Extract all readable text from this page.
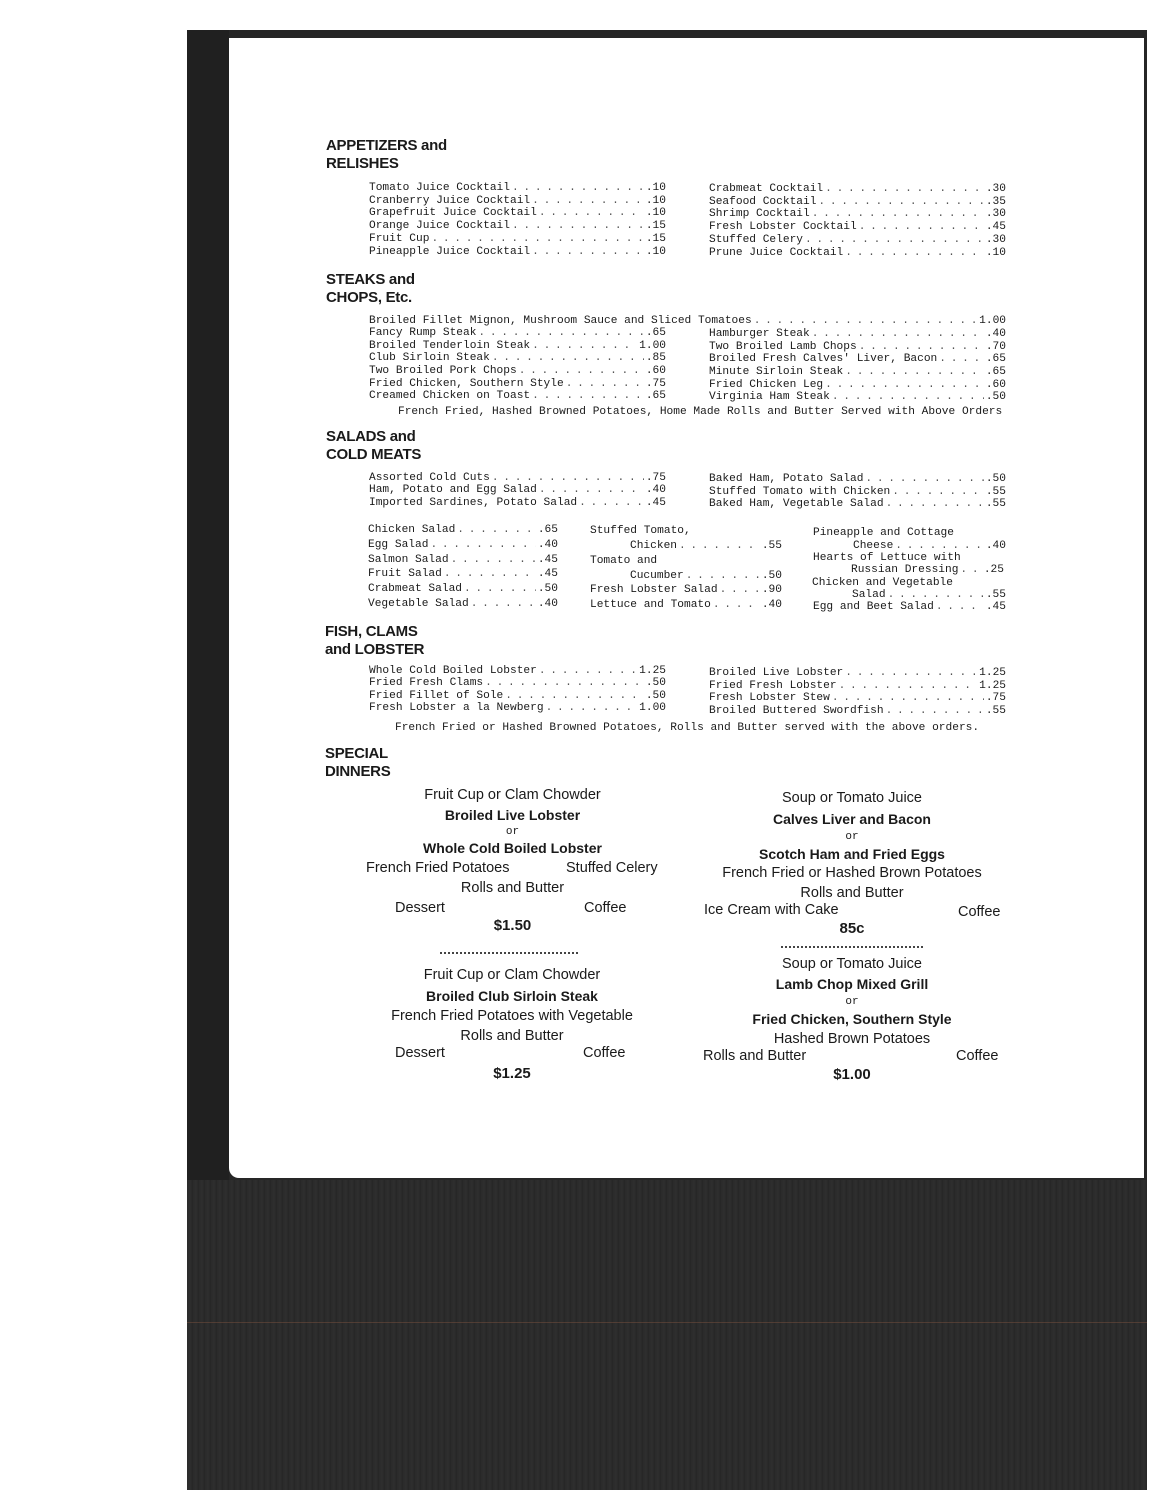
APPETIZERS and
RELISHES
STEAKS and
CHOPS, Etc.
SALADS and
COLD MEATS
FISH, CLAMS
and LOBSTER
SPECIAL
DINNERS
Tomato Juice Cocktail . . .	.10
Cranberry Juice Cocktail . . .	.10
Grapefruit Juice Cocktail . . .	.10
Orange Juice Cocktail . . .	.15
Fruit Cup . . .	.15
Pineapple Juice Cocktail . . .	.10
Crabmeat Cocktail . . .	.30
Seafood Cocktail . . .	.35
Shrimp Cocktail . . .	.30
Fresh Lobster Cocktail . . .	.45
Stuffed Celery . . .	.30
Prune Juice Cocktail . . .	.10
Broiled Fillet Mignon, Mushroom Sauce and Sliced Tomatoes . . .	1.00
Fancy Rump Steak . . .	.65
Broiled Tenderloin Steak . . .	1.00
Club Sirloin Steak . . .	.85
Two Broiled Pork Chops . . .	.60
Fried Chicken, Southern Style . . .	.75
Creamed Chicken on Toast . . .	.65
Hamburger Steak . . .	.40
Two Broiled Lamb Chops . . .	.70
Broiled Fresh Calves' Liver, Bacon . . .	.65
Minute Sirloin Steak . . .	.65
Fried Chicken Leg . . .	.60
Virginia Ham Steak . . .	.50
French Fried, Hashed Browned Potatoes, Home Made Rolls and Butter Served with Above Orders
Assorted Cold Cuts . . .	.75
Ham, Potato and Egg Salad . . .	.40
Imported Sardines, Potato Salad . . .	.45
Baked Ham, Potato Salad . . .	.50
Stuffed Tomato with Chicken . . .	.55
Baked Ham, Vegetable Salad . . .	.55
Chicken Salad . . .	.65
Egg Salad . . .	.40
Salmon Salad . . .	.45
Fruit Salad . . .	.45
Crabmeat Salad . . .	.50
Vegetable Salad . . .	.40
Stuffed Tomato,
Chicken . . .	.55
Tomato and
Cucumber . . .	.50
Fresh Lobster Salad . . .	.90
Lettuce and Tomato . . .	.40
Pineapple and Cottage
Cheese . . .	.40
Hearts of Lettuce with
Russian Dressing . . . .25
Chicken and Vegetable
Salad . . .	.55
Egg and Beet Salad . . .	.45
Whole Cold Boiled Lobster . . .	1.25
Fried Fresh Clams . . .	.50
Fried Fillet of Sole . . .	.50
Fresh Lobster a la Newberg . . .	1.00
Broiled Live Lobster . . .	1.25
Fried Fresh Lobster . . .	1.25
Fresh Lobster Stew . . .	.75
Broiled Buttered Swordfish . . .	.55
French Fried or Hashed Browned Potatoes, Rolls and Butter served with the above orders.
Fruit Cup or Clam Chowder
Broiled Live Lobster
or
Whole Cold Boiled Lobster
French Fried Potatoes	Stuffed Celery
Rolls and Butter
Dessert	Coffee
$1.50
Soup or Tomato Juice
Calves Liver and Bacon
or
Scotch Ham and Fried Eggs
French Fried or Hashed Brown Potatoes
Rolls and Butter
Ice Cream with Cake	Coffee
85c
Fruit Cup or Clam Chowder
Broiled Club Sirloin Steak
French Fried Potatoes with Vegetable
Rolls and Butter
Dessert	Coffee
$1.25
Soup or Tomato Juice
Lamb Chop Mixed Grill
or
Fried Chicken, Southern Style
Hashed Brown Potatoes
Rolls and Butter	Coffee
$1.00
